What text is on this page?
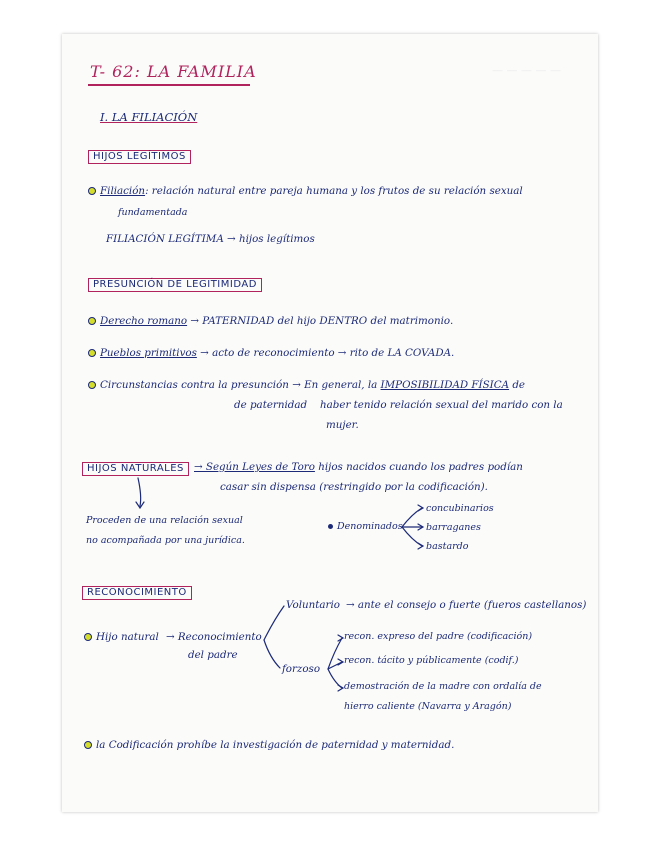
— — — — —
T- 62: LA FAMILIA
I. LA FILIACIÓN
HIJOS LEGÍTIMOS
Filiación: relación natural entre pareja humana y los frutos de su relación sexual
fundamentada
FILIACIÓN LEGÍTIMA → hijos legítimos
PRESUNCIÓN DE LEGITIMIDAD
Derecho romano → PATERNIDAD del hijo DENTRO del matrimonio.
Pueblos primitivos → acto de reconocimiento → rito de LA COVADA.
Circunstancias contra la presunción → En general, la IMPOSIBILIDAD FÍSICA de
de paternidad haber tenido relación sexual del marido con la
mujer.
HIJOS NATURALES → Según Leyes de Toro hijos nacidos cuando los padres podían
casar sin dispensa (restringido por la codificación).
Proceden de una relación sexual
no acompañada por una jurídica.
Denominados
concubinarios
barraganes
bastardo
RECONOCIMIENTO
Hijo natural → Reconocimiento
del padre
Voluntario → ante el consejo o fuerte (fueros castellanos)
forzoso
recon. expreso del padre (codificación)
recon. tácito y públicamente (codif.)
demostración de la madre con ordalía de
hierro caliente (Navarra y Aragón)
la Codificación prohíbe la investigación de paternidad y maternidad.
